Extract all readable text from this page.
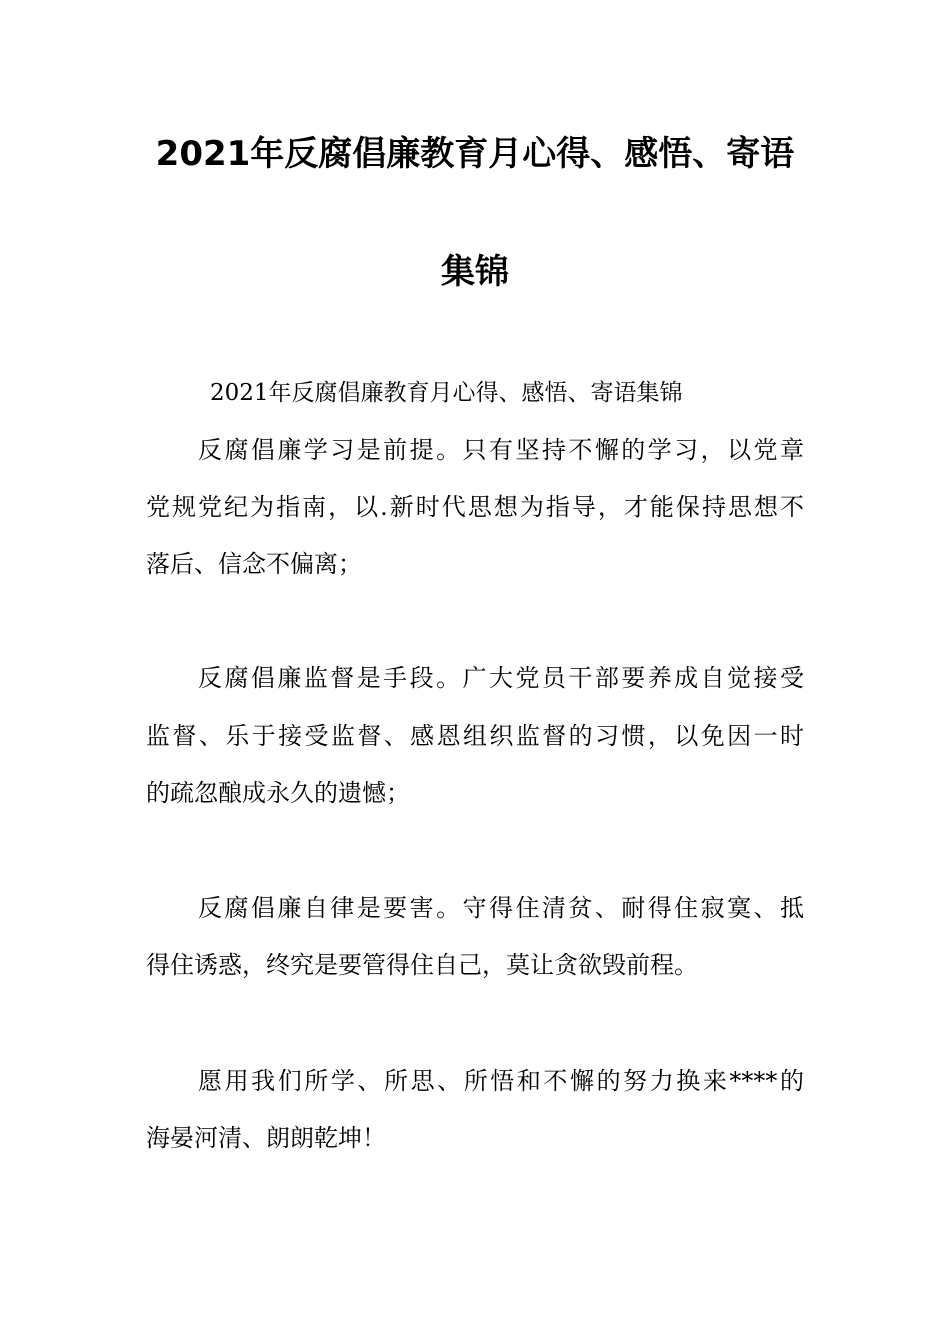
2021年反腐倡廉教育月心得、感悟、寄语
集锦
2021年反腐倡廉教育月心得、感悟、寄语集锦
反腐倡廉学习是前提。只有坚持不懈的学习，以党章
党规党纪为指南，以.新时代思想为指导，才能保持思想不
落后、信念不偏离；
反腐倡廉监督是手段。广大党员干部要养成自觉接受
监督、乐于接受监督、感恩组织监督的习惯，以免因一时
的疏忽酿成永久的遗憾；
反腐倡廉自律是要害。守得住清贫、耐得住寂寞、抵
得住诱惑，终究是要管得住自己，莫让贪欲毁前程。
愿用我们所学、所思、所悟和不懈的努力换来****的
海晏河清、朗朗乾坤！
